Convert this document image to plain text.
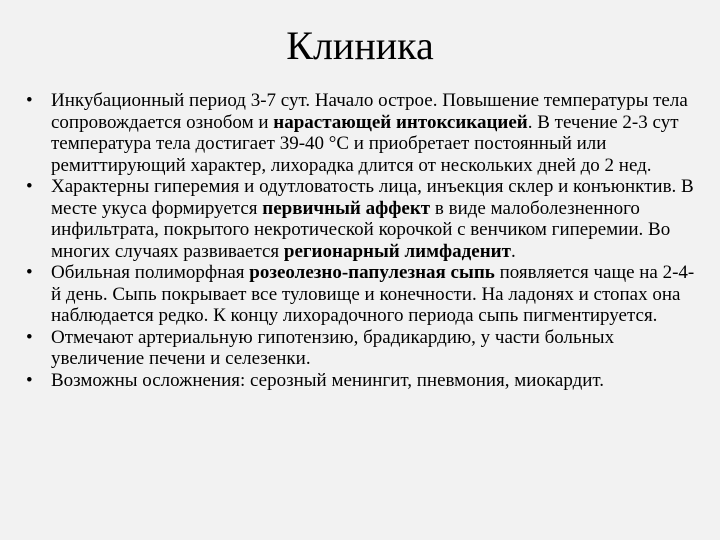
Клиника
• Инкубационный период 3-7 сут. Начало острое. Повышение температуры тела сопровождается ознобом и нарастающей интоксикацией. В течение 2-3 сут температура тела достигает 39-40 °С и приобретает постоянный или ремиттирующий характер, лихорадка длится от нескольких дней до 2 нед.
• Характерны гиперемия и одутловатость лица, инъекция склер и конъюнктив. В месте укуса формируется первичный аффект в виде малоболезненного инфильтрата, покрытого некротической корочкой с венчиком гиперемии. Во многих случаях развивается регионарный лимфаденит.
• Обильная полиморфная розеолезно-папулезная сыпь появляется чаще на 2-4-й день. Сыпь покрывает все туловище и конечности. На ладонях и стопах она наблюдается редко. К концу лихорадочного периода сыпь пигментируется.
• Отмечают артериальную гипотензию, брадикардию, у части больных увеличение печени и селезенки.
• Возможны осложнения: серозный менингит, пневмония, миокардит.
